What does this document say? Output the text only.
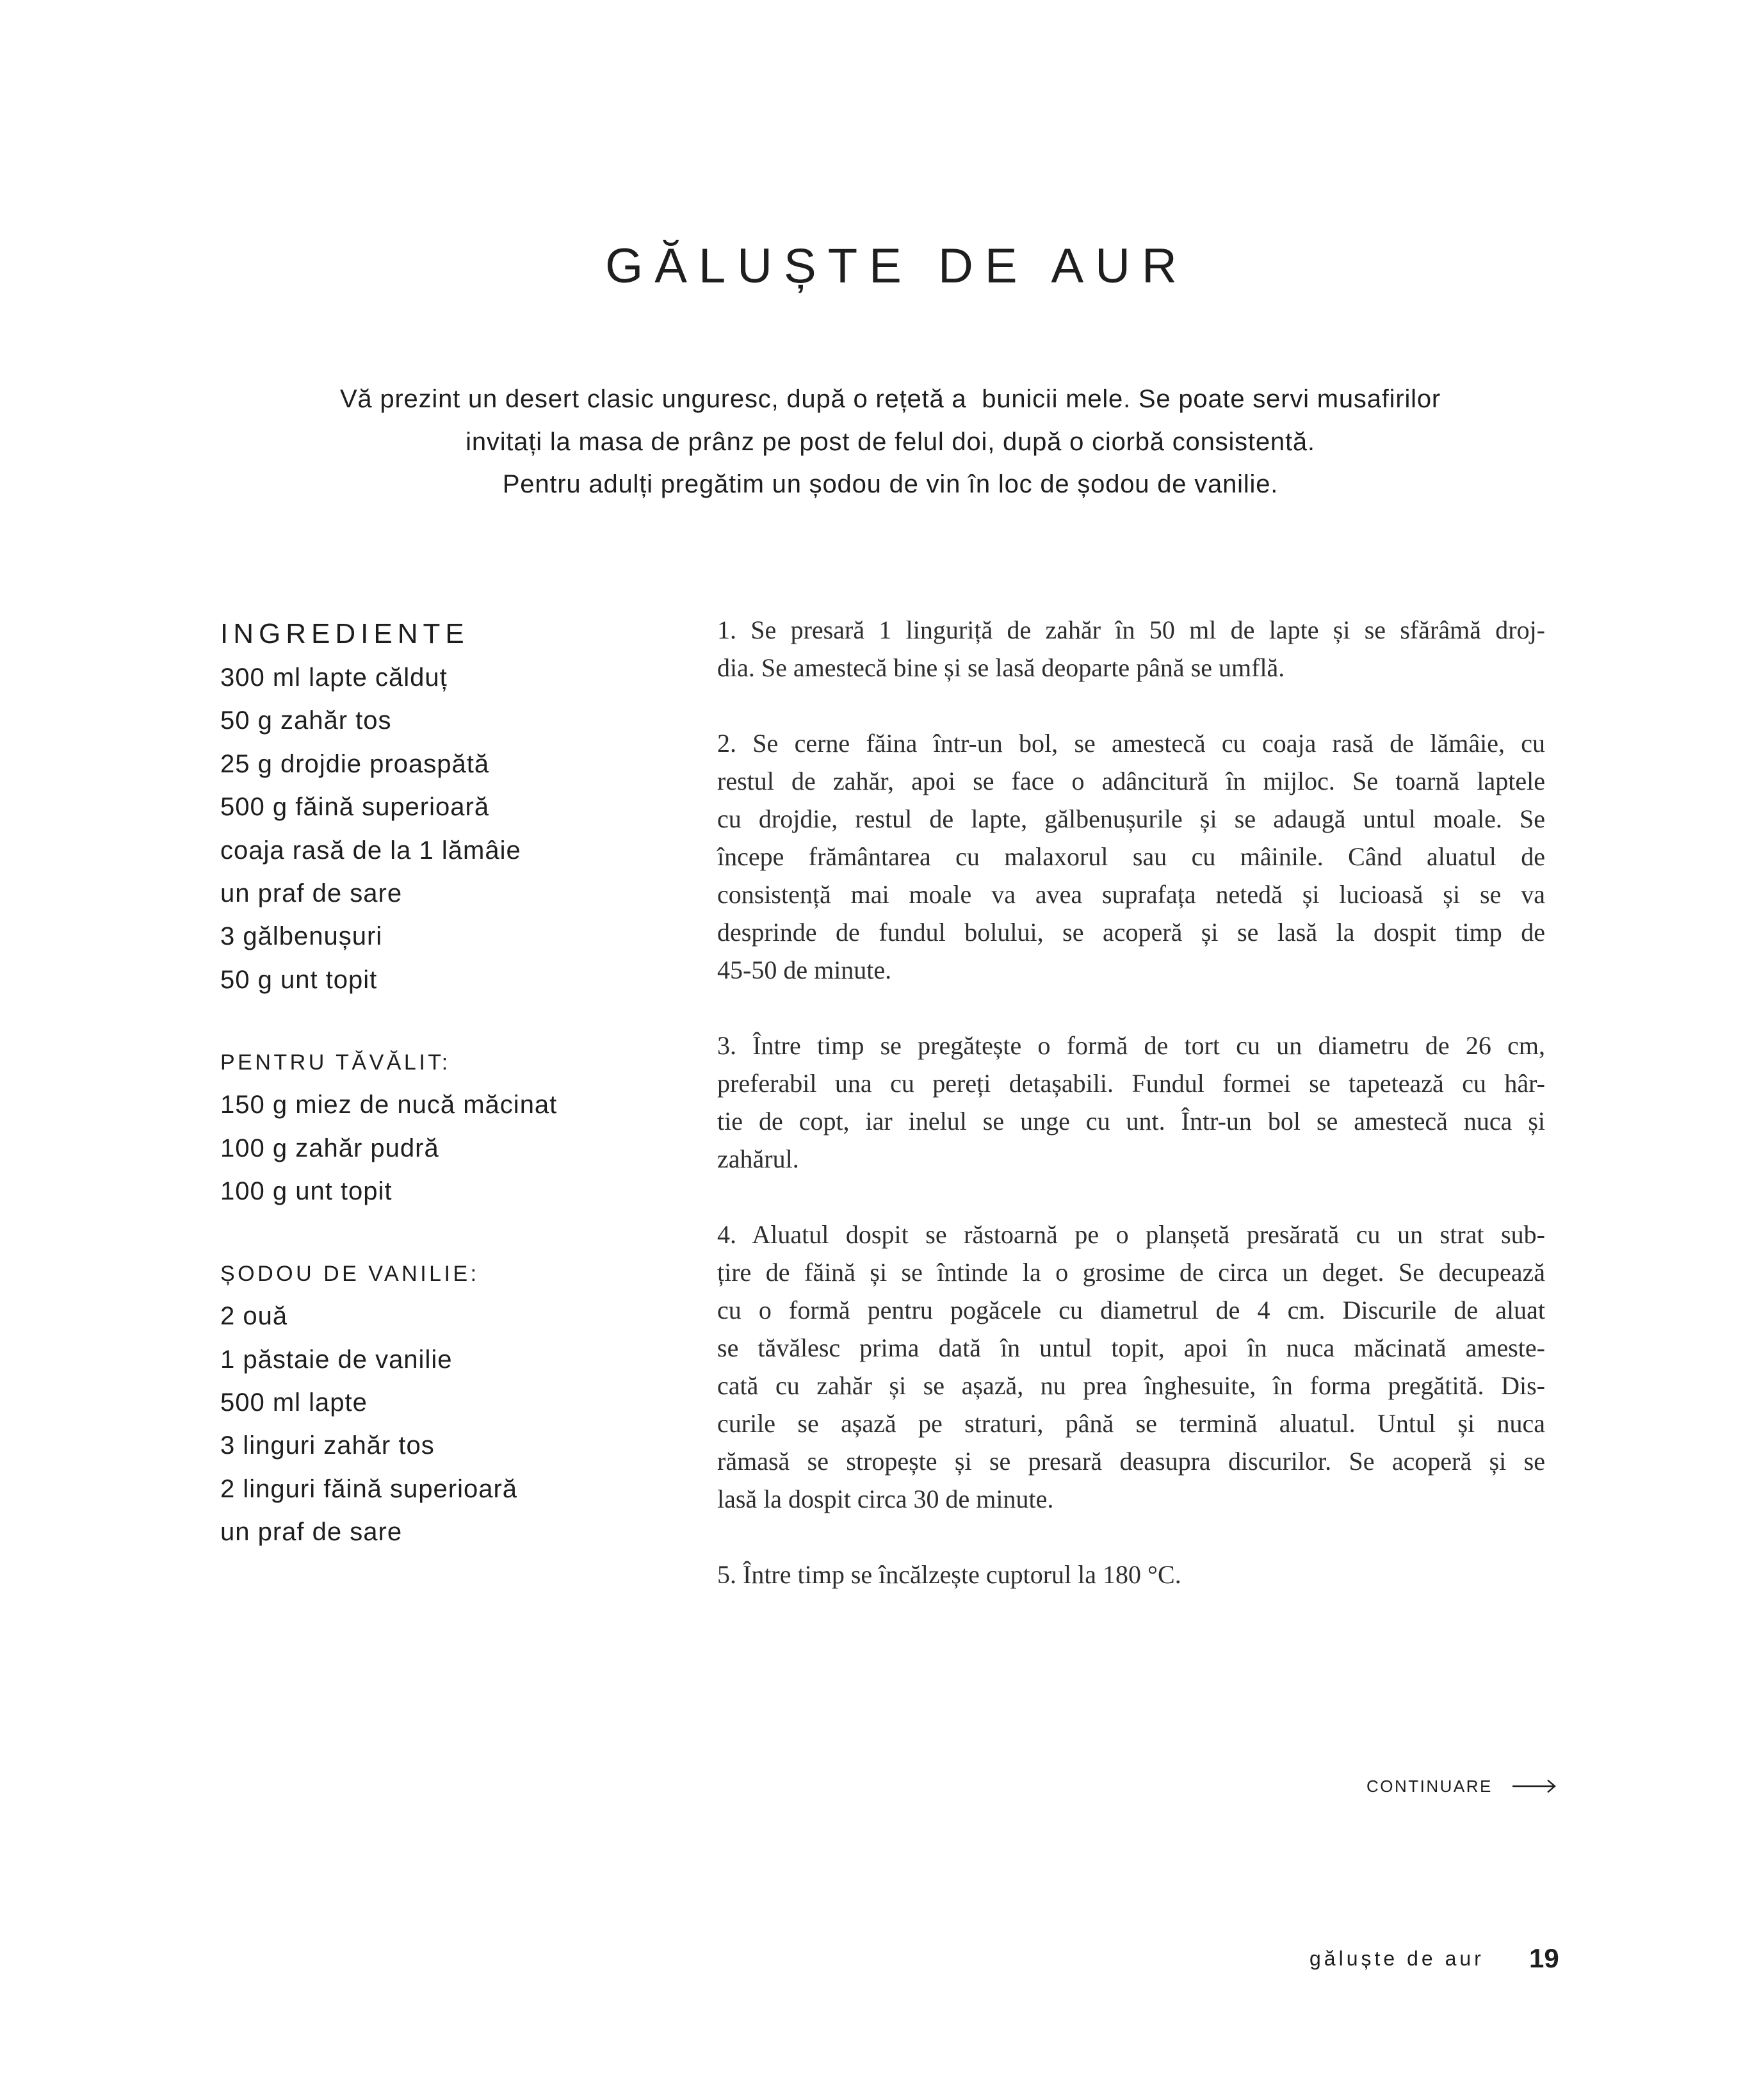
GĂLUȘTE DE AUR
Vă prezint un desert clasic unguresc, după o rețetă a  bunicii mele. Se poate servi musafirilor
invitați la masa de prânz pe post de felul doi, după o ciorbă consistentă.
Pentru adulți pregătim un șodou de vin în loc de șodou de vanilie.
INGREDIENTE
300 ml lapte călduț
50 g zahăr tos
25 g drojdie proaspătă
500 g făină superioară
coaja rasă de la 1 lămâie
un praf de sare
3 gălbenușuri
50 g unt topit
PENTRU TĂVĂLIT:
150 g miez de nucă măcinat
100 g zahăr pudră
100 g unt topit
ȘODOU DE VANILIE:
2 ouă
1 păstaie de vanilie
500 ml lapte
3 linguri zahăr tos
2 linguri făină superioară
un praf de sare
1. Se presară 1 linguriță de zahăr în 50 ml de lapte și se sfărâmă droj-
dia. Se amestecă bine și se lasă deoparte până se umflă.
2. Se cerne făina într-un bol, se amestecă cu coaja rasă de lămâie, cu
restul de zahăr, apoi se face o adâncitură în mijloc. Se toarnă laptele
cu drojdie, restul de lapte, gălbenușurile și se adaugă untul moale. Se
începe frământarea cu malaxorul sau cu mâinile. Când aluatul de
consistență mai moale va avea suprafața netedă și lucioasă și se va
desprinde de fundul bolului, se acoperă și se lasă la dospit timp de
45-50 de minute.
3. Între timp se pregătește o formă de tort cu un diametru de 26 cm,
preferabil una cu pereți detașabili. Fundul formei se tapetează cu hâr-
tie de copt, iar inelul se unge cu unt. Într-un bol se amestecă nuca și
zahărul.
4. Aluatul dospit se răstoarnă pe o planșetă presărată cu un strat sub-
țire de făină și se întinde la o grosime de circa un deget. Se decupează
cu o formă pentru pogăcele cu diametrul de 4 cm. Discurile de aluat
se tăvălesc prima dată în untul topit, apoi în nuca măcinată ameste-
cată cu zahăr și se așază, nu prea înghesuite, în forma pregătită. Dis-
curile se așază pe straturi, până se termină aluatul. Untul și nuca
rămasă se stropește și se presară deasupra discurilor. Se acoperă și se
lasă la dospit circa 30 de minute.
5. Între timp se încălzește cuptorul la 180 °C.
CONTINUARE
găluște de aur 19
